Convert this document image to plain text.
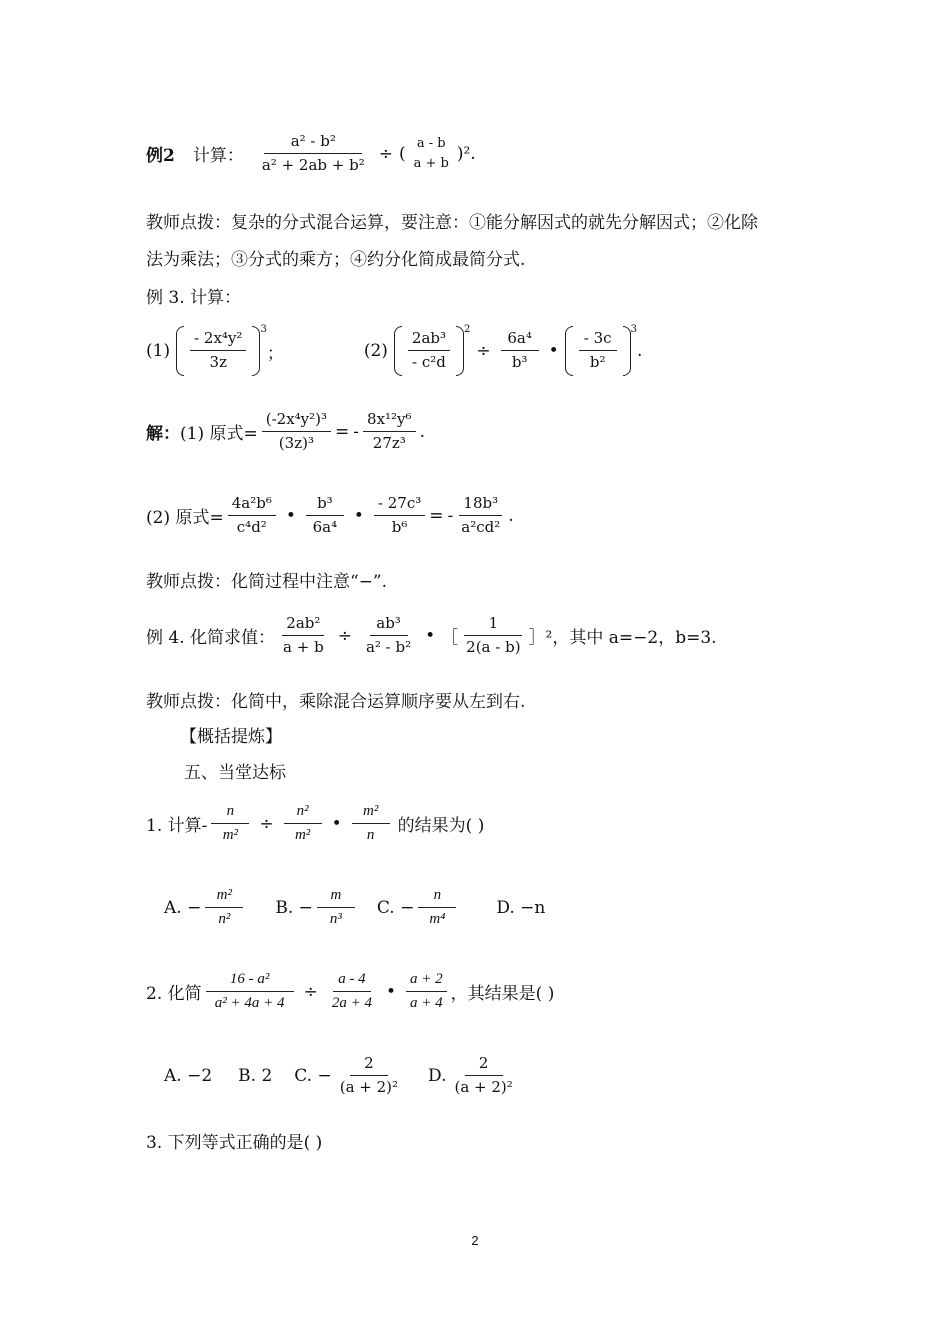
例2 计算： $\frac{\text{a² - b²}}{\text{a² + 2ab + b²}}$ ÷ (
a - b
a + b )².
教师点拨：复杂的分式混合运算，要注意：①能分解因式的就先分解因式；②化除
法为乘法；③分式的乘方；④约分化简成最简分式.
例 3. 计算：
$(1) \frac{\text{- 2x⁴y²}}{3z}$
3
；	$(2) \frac{\text{2ab³}}{\text{- c²d}}$
2
÷ $\frac{\text{6a⁴}}{\text{b³}}$ • $\frac{- 3c}{\text{b²}}$
3
.
解： (1) 原式= $\frac{\text{(-2x⁴y²)³}}{\text{(3z)³}}$ = - $\frac{\text{8x¹²y⁶}}{\text{27z³}}$ .
(2) 原式= $\frac{\text{4a²b⁶}}{\text{c⁴d²}}$ • $\frac{\text{b³}}{\text{6a⁴}}$ • $\frac{\text{- 27c³}}{\text{b⁶}}$ = - $\frac{\text{18b³}}{\text{a²cd²}}$ .
教师点拨：化简过程中注意“−”.
例 4. 化简求值： $\frac{\text{2ab²}}{a + b} \div \frac{\text{ab³}}{\text{a² - b²}}$ • ［ $\frac{1}{2(a - b)}$ ］² ，其中 a=−2，b=3.
教师点拨：化简中，乘除混合运算顺序要从左到右.
【概括提炼】
五、当堂达标
1. 计算- $\frac{n}{\text{m²}} \div \frac{\text{n²}}{\text{m²}}$ • $\frac{\text{m²}}{n}$ 的结果为( )
A. − $\frac{\text{m²}}{\text{n²}} B$. − $\frac{m}{\text{n³}} C$. − $\frac{n}{\text{m⁴}} D$. −n
2. 化简 $\frac{\text{16 - a²}}{\text{a² + 4a + 4}} \div \frac{a - 4}{2a + 4}$ • $\frac{a + 2}{a + 4}$ ，其结果是( )
A. −2 B. 2 C. − $\frac{2}{\text{(a + 2)²}} D$. $\frac{2}{\text{(a + 2)²}}$
3. 下列等式正确的是( )
2
